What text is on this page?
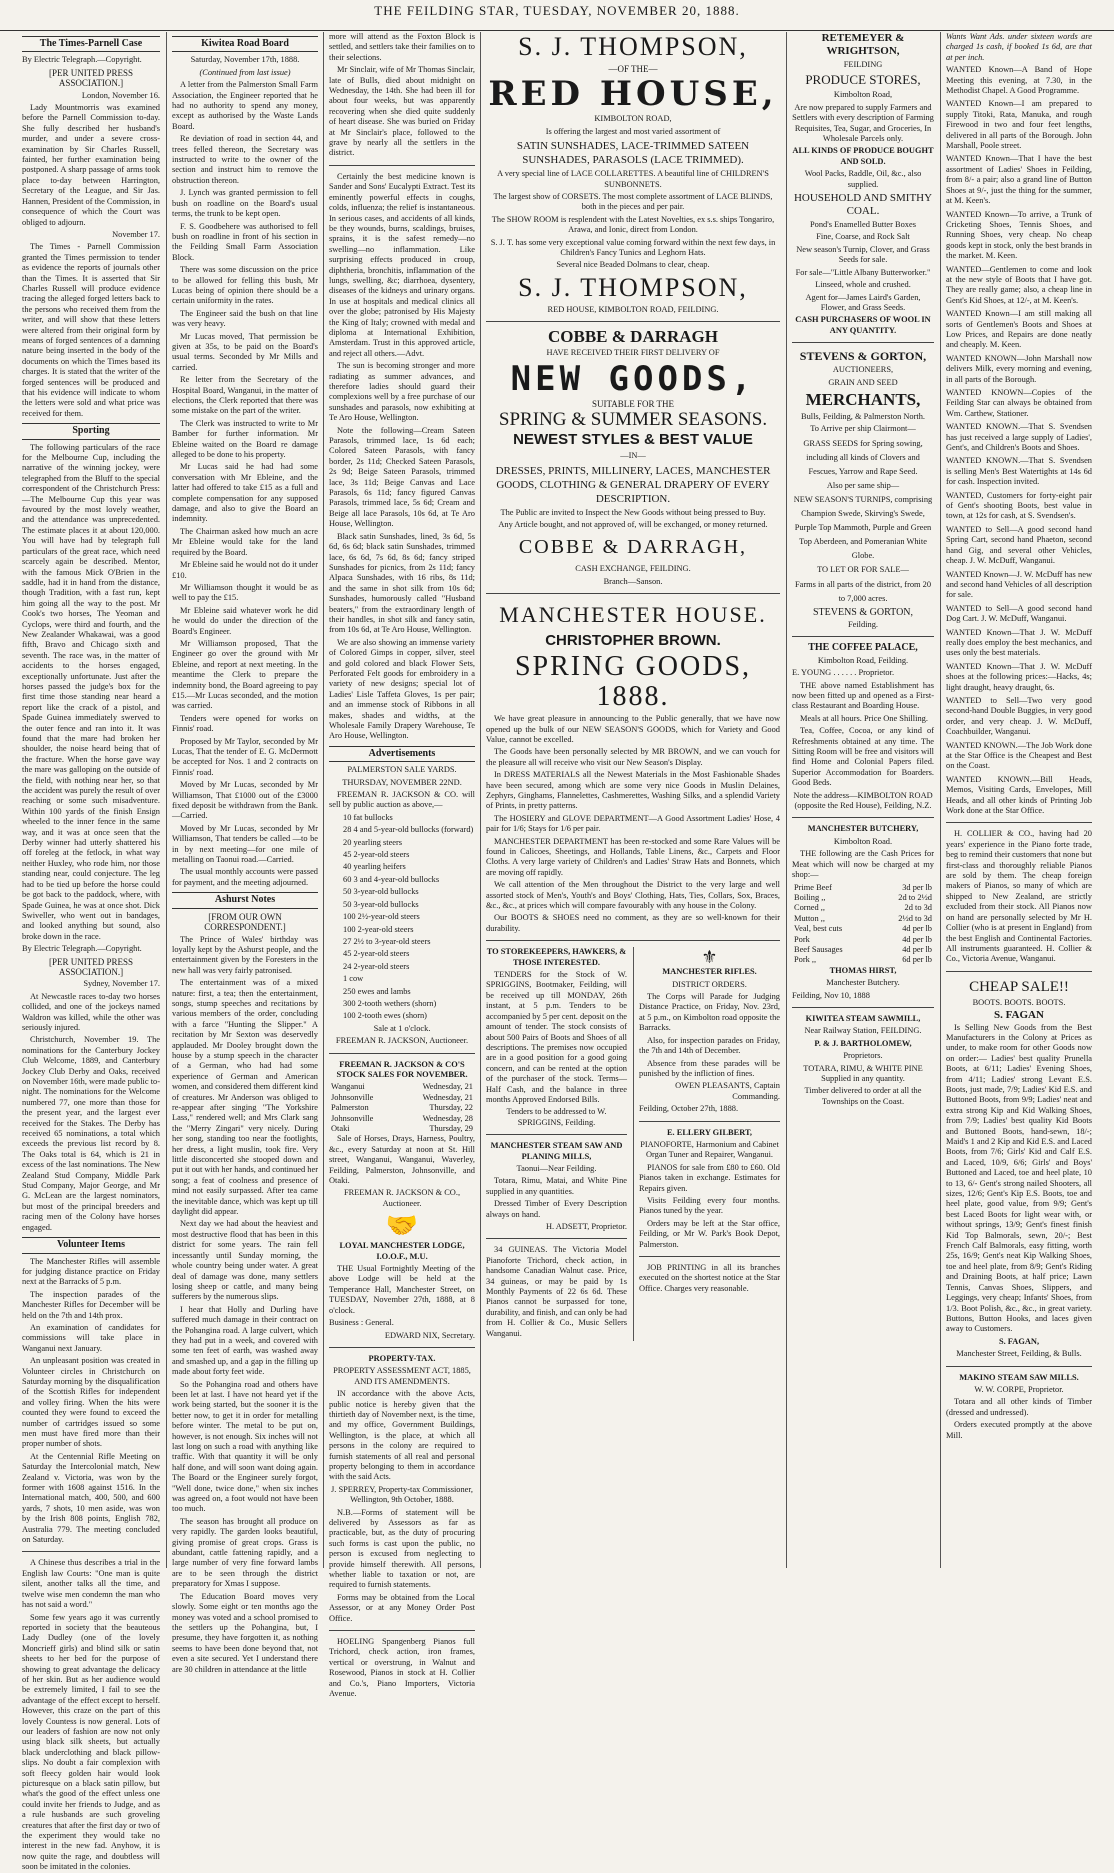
THE FEILDING STAR, TUESDAY, NOVEMBER 20, 1888.
The Times-Parnell Case

By Electric Telegraph.—Copyright.

[PER UNITED PRESS ASSOCIATION.]

London, November 16.

Lady Mountmorris was examined before the Parnell Commission to-day. She fully described her husband's murder, and under a severe cross-examination by Sir Charles Russell, fainted, her further examination being postponed. A sharp passage of arms took place to-day between Harrington, Secretary of the League, and Sir Jas. Hannen, President of the Commission, in consequence of which the Court was obliged to adjourn.

November 17.

The Times - Parnell Commission granted the Times permission to tender as evidence the reports of journals other than the Times. It is asserted that Sir Charles Russell will produce evidence tracing the alleged forged letters back to the persons who received them from the writer, and will show that these letters were altered from their original form by means of forged sentences of a damning nature being inserted in the body of the documents on which the Times based its charges. It is stated that the writer of the forged sentences will be produced and that his evidence will indicate to whom the letters were sold and what price was received for them.

Sporting

The following particulars of the race for the Melbourne Cup, including the narrative of the winning jockey, were telegraphed from the Bluff to the special correspondent of the Christchurch Press: —The Melbourne Cup this year was favoured by the most lovely weather, and the attendance was unprecedented. The estimate places it at about 120,000. You will have had by telegraph full particulars of the great race, which need scarcely again be described. Mentor, with the famous Mick O'Brien in the saddle, had it in hand from the distance, though Tradition, with a fast run, kept him going all the way to the post. Mr Cook's two horses, The Yeoman and Cyclops, were third and fourth, and the New Zealander Whakawai, was a good fifth, Bravo and Chicago sixth and seventh. The race was, in the matter of accidents to the horses engaged, exceptionally unfortunate. Just after the horses passed the judge's box for the first time those standing near heard a report like the crack of a pistol, and Spade Guinea immediately swerved to the outer fence and ran into it. It was found that the mare had broken her shoulder, the noise heard being that of the fracture. When the horse gave way the mare was galloping on the outside of the field, with nothing near her, so that the accident was purely the result of over reaching or some such misadventure. Within 100 yards of the finish Ensign wheeled to the inner fence in the same way, and it was at once seen that the Derby winner had utterly shattered his off foreleg at the fetlock, in what way neither Huxley, who rode him, nor those standing near, could conjecture. The leg had to be tied up before the horse could be got back to the paddock, where, with Spade Guinea, he was at once shot. Dick Swiveller, who went out in bandages, and looked anything but sound, also broke down in the race.

By Electric Telegraph.—Copyright.

[PER UNITED PRESS ASSOCIATION.]

Sydney, November 17.

At Newcastle races to-day two horses collided, and one of the jockeys named Waldron was killed, while the other was seriously injured.

Christchurch, November 19. The nominations for the Canterbury Jockey Club Welcome, 1889, and Canterbury Jockey Club Derby and Oaks, received on November 16th, were made public to-night. The nominations for the Welcome numbered 77, one more than those for the present year, and the largest ever received for the Stakes. The Derby has received 65 nominations, a total which exceeds the previous list record by 8. The Oaks total is 64, which is 21 in excess of the last nominations. The New Zealand Stud Company, Middle Park Stud Company, Major George, and Mr G. McLean are the largest nominators, but most of the principal breeders and racing men of the Colony have horses engaged.

Volunteer Items

The Manchester Rifles will assemble for judging distance practice on Friday next at the Barracks of 5 p.m.

The inspection parades of the Manchester Rifles for December will be held on the 7th and 14th prox.

An examination of candidates for commissions will take place in Wanganui next January.

An unpleasant position was created in Volunteer circles in Christchurch on Saturday morning by the disqualification of the Scottish Rifles for independent and volley firing. When the hits were counted they were found to exceed the number of cartridges issued so some men must have fired more than their proper number of shots.

At the Centennial Rifle Meeting on Saturday the Intercolonial match, New Zealand v. Victoria, was won by the former with 1608 against 1516. In the International match, 400, 500, and 600 yards, 7 shots, 10 men aside, was won by the Irish 808 points, English 782, Australia 779. The meeting concluded on Saturday.

A Chinese thus describes a trial in the English law Courts: "One man is quite silent, another talks all the time, and twelve wise men condemn the man who has not said a word."

Some few years ago it was currently reported in society that the beauteous Lady Dudley (one of the lovely Moncrieff girls) and blind silk or satin sheets to her bed for the purpose of showing to great advantage the delicacy of her skin. But as her audience would be extremely limited, I fail to see the advantage of the effect except to herself. However, this craze on the part of this lovely Countess is now general. Lots of our leaders of fashion are now not only using black silk sheets, but actually black underclothing and black pillow-slips. No doubt a fair complexion with soft fleecy golden hair would look picturesque on a black satin pillow, but what's the good of the effect unless one could invite her friends to Judge, and as a rule husbands are such groveling creatures that after the first day or two of the experiment they would take no interest in the new fad. Anyhow, it is now quite the rage, and doubtless will soon be imitated in the colonies.

Kiwitea Road Board

Saturday, November 17th, 1888.

(Continued from last issue)

A letter from the Palmerston Small Farm Association, the Engineer reported that he had no authority to spend any money, except as authorised by the Waste Lands Board.

Re deviation of road in section 44, and trees felled thereon, the Secretary was instructed to write to the owner of the section and instruct him to remove the obstruction thereon.

J. Lynch was granted permission to fell bush on roadline on the Board's usual terms, the trunk to be kept open.

F. S. Goodbehere was authorised to fell bush on roadline in front of his section in the Feilding Small Farm Association Block.

There was some discussion on the price to be allowed for felling this bush, Mr Lucas being of opinion there should be a certain uniformity in the rates.

The Engineer said the bush on that line was very heavy.

Mr Lucas moved, That permission be given at 35s, to be paid on the Board's usual terms. Seconded by Mr Mills and carried.

Re letter from the Secretary of the Hospital Board, Wanganui, in the matter of elections, the Clerk reported that there was some mistake on the part of the writer.

The Clerk was instructed to write to Mr Bamber for further information. Mr Ebleine waited on the Board re damage alleged to be done to his property.

Mr Lucas said he had had some conversation with Mr Ebleine, and the latter had offered to take £15 as a full and complete compensation for any supposed damage, and also to give the Board an indemnity.

The Chairman asked how much an acre Mr Ebleine would take for the land required by the Board.

Mr Ebleine said he would not do it under £10.

Mr Williamson thought it would be as well to pay the £15.

Mr Ebleine said whatever work he did he would do under the direction of the Board's Engineer.

Mr Williamson proposed, That the Engineer go over the ground with Mr Ebleine, and report at next meeting. In the meantime the Clerk to prepare the indemnity bond, the Board agreeing to pay £15.—Mr Lucas seconded, and the motion was carried.

Tenders were opened for works on Finnis' road.

Proposed by Mr Taylor, seconded by Mr Lucas, That the tender of E. G. McDermott be accepted for Nos. 1 and 2 contracts on Finnis' road.

Moved by Mr Lucas, seconded by Mr Williamson, That £1000 out of the £3000 fixed deposit be withdrawn from the Bank.—Carried.

Moved by Mr Lucas, seconded by Mr Williamson, That tenders be called —to be in by next meeting—for one mile of metalling on Taonui road.—Carried.

The usual monthly accounts were passed for payment, and the meeting adjourned.

Ashurst Notes

[FROM OUR OWN CORRESPONDENT.]

The Prince of Wales' birthday was loyally kept by the Ashurst people, and the entertainment given by the Foresters in the new hall was very fairly patronised.

The entertainment was of a mixed nature: first, a tea; then the entertainment, songs, stump speeches and recitations by various members of the order, concluding with a farce "Hunting the Slipper." A recitation by Mr Sexton was deservedly applauded. Mr Dooley brought down the house by a stump speech in the character of a German, who had had some experience of German and American women, and considered them different kind of creatures. Mr Anderson was obliged to re-appear after singing "The Yorkshire Lass," rendered well; and Mrs Clark sang the "Merry Zingari" very nicely. During her song, standing too near the footlights, her dress, a light muslin, took fire. Very little disconcerted she stooped down and put it out with her hands, and continued her song; a feat of coolness and presence of mind not easily surpassed. After tea came the inevitable dance, which was kept up till daylight did appear.

Next day we had about the heaviest and most destructive flood that has been in this district for some years. The rain fell incessantly until Sunday morning, the whole country being under water. A great deal of damage was done, many settlers losing sheep or cattle, and many being sufferers by the numerous slips.

I hear that Holly and Durling have suffered much damage in their contract on the Pohangina road. A large culvert, which they had put in a week, and covered with some ten feet of earth, was washed away and smashed up, and a gap in the filling up made about forty feet wide.

So the Pohangina road and others have been let at last. I have not heard yet if the work being started, but the sooner it is the better now, to get it in order for metalling before winter. The metal to be put on, however, is not enough. Six inches will not last long on such a road with anything like traffic. With that quantity it will be only half done, and will soon want doing again. The Board or the Engineer surely forgot, "Well done, twice done," when six inches was agreed on, a foot would not have been too much.

The season has brought all produce on very rapidly. The garden looks beautiful, giving promise of great crops. Grass is abundant, cattle fattening rapidly, and a large number of very fine forward lambs are to be seen through the district preparatory for Xmas I suppose.

The Education Board moves very slowly. Some eight or ten months ago the money was voted and a school promised to the settlers up the Pohangina, but, I presume, they have forgotten it, as nothing seems to have been done beyond that, not even a site secured. Yet I understand there are 30 children in attendance at the little

more will attend as the Foxton Block is settled, and settlers take their families on to their selections.

Mr Sinclair, wife of Mr Thomas Sinclair, late of Bulls, died about midnight on Wednesday, the 14th. She had been ill for about four weeks, but was apparently recovering when she died quite suddenly of heart disease. She was buried on Friday at Mr Sinclair's place, followed to the grave by nearly all the settlers in the district.

Certainly the best medicine known is Sander and Sons' Eucalypti Extract. Test its eminently powerful effects in coughs, colds, influenza; the relief is instantaneous. In serious cases, and accidents of all kinds, be they wounds, burns, scaldings, bruises, sprains, it is the safest remedy—no swelling—no inflammation. Like surprising effects produced in croup, diphtheria, bronchitis, inflammation of the lungs, swelling, &c; diarrhoea, dysentery, diseases of the kidneys and urinary organs. In use at hospitals and medical clinics all over the globe; patronised by His Majesty the King of Italy; crowned with medal and diploma at International Exhibition, Amsterdam. Trust in this approved article, and reject all others.—Advt.

The sun is becoming stronger and more radiating as summer advances, and therefore ladies should guard their complexions well by a free purchase of our sunshades and parasols, now exhibiting at Te Aro House, Wellington.

Note the following—Cream Sateen Parasols, trimmed lace, 1s 6d each; Colored Sateen Parasols, with fancy border, 2s 11d; Checked Sateen Parasols, 2s 9d; Beige Sateen Parasols, trimmed lace, 3s 11d; Beige Canvas and Lace Parasols, 6s 11d; fancy figured Canvas Parasols, trimmed lace, 5s 6d; Cream and Beige all lace Parasols, 10s 6d, at Te Aro House, Wellington.

Black satin Sunshades, lined, 3s 6d, 5s 6d, 6s 6d; black satin Sunshades, trimmed lace, 6s 6d, 7s 6d, 8s 6d; fancy striped Sunshades for picnics, from 2s 11d; fancy Alpaca Sunshades, with 16 ribs, 8s 11d; and the same in shot silk from 10s 6d; Sunshades, humorously called "Husband beaters," from the extraordinary length of their handles, in shot silk and fancy satin, from 10s 6d, at Te Aro House, Wellington.

We are also showing an immense variety of Colored Gimps in copper, silver, steel and gold colored and black Flower Sets, Perforated Felt goods for embroidery in a variety of new designs; special lot of Ladies' Lisle Taffeta Gloves, 1s per pair; and an immense stock of Ribbons in all makes, shades and widths, at the Wholesale Family Drapery Warehouse, Te Aro House, Wellington.

Advertisements

PALMERSTON SALE YARDS.

THURSDAY, NOVEMBER 22ND.

FREEMAN R. JACKSON & CO. will sell by public auction as above,—

10 fat bullocks

28 4 and 5-year-old bullocks (forward)

20 yearling steers

45 2-year-old steers

40 yearling heifers

60 3 and 4-year-old bullocks

50 3-year-old bullocks

50 3-year-old bullocks

100 2½-year-old steers

100 2-year-old steers

27 2½ to 3-year-old steers

45 2-year-old steers

24 2-year-old steers

1 cow

250 ewes and lambs

300 2-tooth wethers (shorn)

100 2-tooth ewes (shorn)

Sale at 1 o'clock.

FREEMAN R. JACKSON, Auctioneer.

FREEMAN R. JACKSON & CO'S STOCK SALES FOR NOVEMBER.

Wanganui	Wednesday, 21
Johnsonville	Wednesday, 21
Palmerston	Thursday, 22
Johnsonville	Wednesday, 28
Otaki	Thursday, 29

Sale of Horses, Drays, Harness, Poultry, &c., every Saturday at noon at St. Hill street, Wanganui, Wanganui, Waverley, Feilding, Palmerston, Johnsonville, and Otaki.

FREEMAN R. JACKSON & CO., Auctioneer.

🤝

LOYAL MANCHESTER LODGE, I.O.O.F., M.U.

THE Usual Fortnightly Meeting of the above Lodge will be held at the Temperance Hall, Manchester Street, on TUESDAY, November 27th, 1888, at 8 o'clock.

Business : General.

EDWARD NIX, Secretary.

PROPERTY-TAX.

PROPERTY ASSESSMENT ACT, 1885, AND ITS AMENDMENTS.

IN accordance with the above Acts, public notice is hereby given that the thirtieth day of November next, is the time, and my office, Government Buildings, Wellington, is the place, at which all persons in the colony are required to furnish statements of all real and personal property belonging to them in accordance with the said Acts.

J. SPERREY, Property-tax Commissioner, Wellington, 9th October, 1888.

N.B.—Forms of statement will be delivered by Assessors as far as practicable, but, as the duty of procuring such forms is cast upon the public, no person is excused from neglecting to provide himself therewith. All persons, whether liable to taxation or not, are required to furnish statements.

Forms may be obtained from the Local Assessor, or at any Money Order Post Office.

HOELING Spangenberg Pianos full Trichord, check action, iron frames, vertical or overstrung, in Walnut and Rosewood, Pianos in stock at H. Collier and Co.'s, Piano Importers, Victoria Avenue.

S. J. THOMPSON,

—OF THE—

RED HOUSE,

KIMBOLTON ROAD,

Is offering the largest and most varied assortment of

SATIN SUNSHADES, LACE-TRIMMED SATEEN SUNSHADES, PARASOLS (LACE TRIMMED).

A very special line of LACE COLLARETTES. A beautiful line of CHILDREN'S SUNBONNETS.

The largest show of CORSETS. The most complete assortment of LACE BLINDS, both in the pieces and per pair.

The SHOW ROOM is resplendent with the Latest Novelties, ex s.s. ships Tongariro, Arawa, and Ionic, direct from London.

S. J. T. has some very exceptional value coming forward within the next few days, in Children's Fancy Tunics and Leghorn Hats.

Several nice Beaded Dolmans to clear, cheap.

S. J. THOMPSON,

RED HOUSE, KIMBOLTON ROAD, FEILDING.

COBBE & DARRAGH

HAVE RECEIVED THEIR FIRST DELIVERY OF

NEW GOODS,

SUITABLE FOR THE

SPRING & SUMMER SEASONS.

NEWEST STYLES & BEST VALUE

—IN—

DRESSES, PRINTS, MILLINERY, LACES, MANCHESTER GOODS, CLOTHING & GENERAL DRAPERY OF EVERY DESCRIPTION.

The Public are invited to Inspect the New Goods without being pressed to Buy.

Any Article bought, and not approved of, will be exchanged, or money returned.

COBBE & DARRAGH,

CASH EXCHANGE, FEILDING.

Branch—Sanson.

MANCHESTER HOUSE.

CHRISTOPHER BROWN.

SPRING GOODS, 1888.

We have great pleasure in announcing to the Public generally, that we have now opened up the bulk of our NEW SEASON'S GOODS, which for Variety and Good Value, cannot be excelled.

The Goods have been personally selected by MR BROWN, and we can vouch for the pleasure all will receive who visit our New Season's Display.

In DRESS MATERIALS all the Newest Materials in the Most Fashionable Shades have been secured, among which are some very nice Goods in Muslin Delaines, Zephyrs, Ginghams, Flannelettes, Cashmerettes, Washing Silks, and a splendid Variety of Prints, in pretty patterns.

The HOSIERY and GLOVE DEPARTMENT—A Good Assortment Ladies' Hose, 4 pair for 1/6; Stays for 1/6 per pair.

MANCHESTER DEPARTMENT has been re-stocked and some Rare Values will be found in Calicoes, Sheetings, and Hollands, Table Linens, &c., Carpets and Floor Cloths. A very large variety of Children's and Ladies' Straw Hats and Bonnets, which are moving off rapidly.

We call attention of the Men throughout the District to the very large and well assorted stock of Men's, Youth's and Boys' Clothing, Hats, Ties, Collars, Sox, Braces, &c., &c., at prices which will compare favourably with any house in the Colony.

Our BOOTS & SHOES need no comment, as they are so well-known for their durability.

TO STOREKEEPERS, HAWKERS, & THOSE INTERESTED.

TENDERS for the Stock of W. SPRIGGINS, Bootmaker, Feilding, will be received up till MONDAY, 26th instant, at 5 p.m. Tenders to be accompanied by 5 per cent. deposit on the amount of tender. The stock consists of about 500 Pairs of Boots and Shoes of all descriptions. The premises now occupied are in a good position for a good going concern, and can be rented at the option of the purchaser of the stock. Terms—Half Cash, and the balance in three months Approved Endorsed Bills.

Tenders to be addressed to W. SPRIGGINS, Feilding.

MANCHESTER STEAM SAW AND PLANING MILLS,

Taonui—Near Feilding.

Totara, Rimu, Matai, and White Pine supplied in any quantities.

Dressed Timber of Every Description always on hand.

H. ADSETT, Proprietor.

34 GUINEAS. The Victoria Model Pianoforte Trichord, check action, in handsome Canadian Walnut case. Price, 34 guineas, or may be paid by 1s Monthly Payments of 22 6s 6d. These Pianos cannot be surpassed for tone, durability, and finish, and can only be had from H. Collier & Co., Music Sellers Wanganui.

⚜

MANCHESTER RIFLES.

DISTRICT ORDERS.

The Corps will Parade for Judging Distance Practice, on Friday, Nov. 23rd, at 5 p.m., on Kimbolton road opposite the Barracks.

Also, for inspection parades on Friday, the 7th and 14th of December.

Absence from these parades will be punished by the infliction of fines.

OWEN PLEASANTS, Captain Commanding.

Feilding, October 27th, 1888.

E. ELLERY GILBERT,

PIANOFORTE, Harmonium and Cabinet Organ Tuner and Repairer, Wanganui.

PIANOS for sale from £80 to £60. Old Pianos taken in exchange. Estimates for Repairs given.

Visits Feilding every four months. Pianos tuned by the year.

Orders may be left at the Star office, Feilding, or Mr W. Park's Book Depot, Palmerston.

JOB PRINTING in all its branches executed on the shortest notice at the Star Office. Charges very reasonable.

RETEMEYER & WRIGHTSON,

FEILDING

PRODUCE STORES,

Kimbolton Road,

Are now prepared to supply Farmers and Settlers with every description of Farming Requisites, Tea, Sugar, and Groceries, In Wholesale Parcels only.

ALL KINDS OF PRODUCE BOUGHT AND SOLD.

Wool Packs, Raddle, Oil, &c., also supplied.

HOUSEHOLD AND SMITHY COAL.

Pond's Enamelled Butter Boxes

Fine, Coarse, and Rock Salt

New season's Turnip, Clover, and Grass Seeds for sale.

For sale—"Little Albany Butterworker."

Linseed, whole and crushed.

Agent for—James Laird's Garden, Flower, and Grass Seeds.

CASH PURCHASERS OF WOOL IN ANY QUANTITY.

STEVENS & GORTON,

AUCTIONEERS,

GRAIN AND SEED

MERCHANTS,

Bulls, Feilding, & Palmerston North.

To Arrive per ship Clairmont—

GRASS SEEDS for Spring sowing, including all kinds of Clovers and Fescues, Yarrow and Rape Seed.

Also per same ship—

NEW SEASON'S TURNIPS, comprising Champion Swede, Skirving's Swede, Purple Top Mammoth, Purple and Green Top Aberdeen, and Pomeranian White Globe.

TO LET OR FOR SALE—

Farms in all parts of the district, from 20 to 7,000 acres.

STEVENS & GORTON,

Feilding.

THE COFFEE PALACE,

Kimbolton Road, Feilding.

E. YOUNG . . . . . . Proprietor.

THE above named Establishment has now been fitted up and opened as a First-class Restaurant and Boarding House.

Meals at all hours. Price One Shilling.

Tea, Coffee, Cocoa, or any kind of Refreshments obtained at any time. The Sitting Room will be free and visitors will find Home and Colonial Papers filed. Superior Accommodation for Boarders. Good Beds.

Note the address—KIMBOLTON ROAD (opposite the Red House), Feilding, N.Z.

MANCHESTER BUTCHERY,

Kimbolton Road.

THE following are the Cash Prices for Meat which will now be charged at my shop:—

Prime Beef	3d per lb
Boiling ,,	2d to 2½d
Corned ,,	2d to 3d
Mutton ,,	2½d to 3d
Veal, best cuts	4d per lb
Pork	4d per lb
Beef Sausages	4d per lb
Pork ,,	6d per lb

THOMAS HIRST,

Manchester Butchery.

Feilding, Nov 10, 1888

KIWITEA STEAM SAWMILL,

Near Railway Station, FEILDING.

P. & J. BARTHOLOMEW,

Proprietors.

TOTARA, RIMU, & WHITE PINE Supplied in any quantity.

Timber delivered to order at all the Townships on the Coast.

Wants Want Ads. under sixteen words are charged 1s cash, if booked 1s 6d, are that at per inch.

WANTED Known—A Band of Hope Meeting this evening, at 7.30, in the Methodist Chapel. A Good Programme.

WANTED Known—I am prepared to supply Titoki, Rata, Manuka, and rough Firewood in two and four feet lengths, delivered in all parts of the Borough. John Marshall, Poole street.

WANTED Known—That I have the best assortment of Ladies' Shoes in Feilding, from 8/- a pair; also a grand line of Button Shoes at 9/-, just the thing for the summer, at M. Keen's.

WANTED Known—To arrive, a Trunk of Cricketing Shoes, Tennis Shoes, and Running Shoes, very cheap. No cheap goods kept in stock, only the best brands in the market. M. Keen.

WANTED—Gentlemen to come and look at the new style of Boots that I have got. They are really game; also, a cheap line in Gent's Kid Shoes, at 12/-, at M. Keen's.

WANTED Known—I am still making all sorts of Gentlemen's Boots and Shoes at Low Prices, and Repairs are done neatly and cheaply. M. Keen.

WANTED KNOWN—John Marshall now delivers Milk, every morning and evening, in all parts of the Borough.

WANTED KNOWN—Copies of the Feilding Star can always be obtained from Wm. Carthew, Stationer.

WANTED KNOWN.—That S. Svendsen has just received a large supply of Ladies', Gent's, and Children's Boots and Shoes.

WANTED KNOWN.—That S. Svendsen is selling Men's Best Watertights at 14s 6d for cash. Inspection invited.

WANTED, Customers for forty-eight pair of Gent's shooting Boots, best value in town, at 12s for cash, at S. Svendsen's.

WANTED to Sell—A good second hand Spring Cart, second hand Phaeton, second hand Gig, and several other Vehicles, cheap. J. W. McDuff, Wanganui.

WANTED Known—J. W. McDuff has new and second hand Vehicles of all description for sale.

WANTED to Sell—A good second hand Dog Cart. J. W. McDuff, Wanganui.

WANTED Known—That J. W. McDuff really does employ the best mechanics, and uses only the best materials.

WANTED Known—That J. W. McDuff shoes at the following prices:—Hacks, 4s; light draught, heavy draught, 6s.

WANTED to Sell—Two very good second-hand Double Buggies, in very good order, and very cheap. J. W. McDuff, Coachbuilder, Wanganui.

WANTED KNOWN.—The Job Work done at the Star Office is the Cheapest and Best on the Coast.

WANTED KNOWN.—Bill Heads, Memos, Visiting Cards, Envelopes, Mill Heads, and all other kinds of Printing Job Work done at the Star Office.

H. COLLIER & CO., having had 20 years' experience in the Piano forte trade, beg to remind their customers that none but first-class and thoroughly reliable Pianos are sold by them. The cheap foreign makers of Pianos, so many of which are shipped to New Zealand, are strictly excluded from their stock. All Pianos now on hand are personally selected by Mr H. Collier (who is at present in England) from the best English and Continental Factories. All instruments guaranteed. H. Collier & Co., Victoria Avenue, Wanganui.

CHEAP SALE!!

BOOTS. BOOTS. BOOTS.

S. FAGAN

Is Selling New Goods from the Best Manufacturers in the Colony at Prices as under, to make room for other Goods now on order:— Ladies' best quality Prunella Boots, at 6/11; Ladies' Evening Shoes, from 4/11; Ladies' strong Levant E.S. Boots, just made, 7/9; Ladies' Kid E.S. and Buttoned Boots, from 9/9; Ladies' neat and extra strong Kip and Kid Walking Shoes, from 7/9; Ladies' best quality Kid Boots and Buttoned Boots, hand-sewn, 18/-; Maid's 1 and 2 Kip and Kid E.S. and Laced Boots, from 7/6; Girls' Kid and Calf E.S. and Laced, 10/9, 6/6; Girls' and Boys' Buttoned and Laced, toe and heel plate, 10 to 13, 6/- Gent's strong nailed Shooters, all sizes, 12/6; Gent's Kip E.S. Boots, toe and heel plate, good value, from 9/9; Gent's best Laced Boots for light wear with, or without springs, 13/9; Gent's finest finish Kid Top Balmorals, sewn, 20/-; Best French Calf Balmorals, easy fitting, worth 25s, 16/9; Gent's neat Kip Walking Shoes, toe and heel plate, from 8/9; Gent's Riding and Draining Boots, at half price; Lawn Tennis, Canvas Shoes, Slippers, and Leggings, very cheap; Infants' Shoes, from 1/3. Boot Polish, &c., &c., in great variety. Buttons, Button Hooks, and laces given away to Customers.

S. FAGAN,

Manchester Street, Feilding, & Bulls.

MAKINO STEAM SAW MILLS.

W. W. CORPE, Proprietor.

Totara and all other kinds of Timber (dressed and undressed).

Orders executed promptly at the above Mill.
